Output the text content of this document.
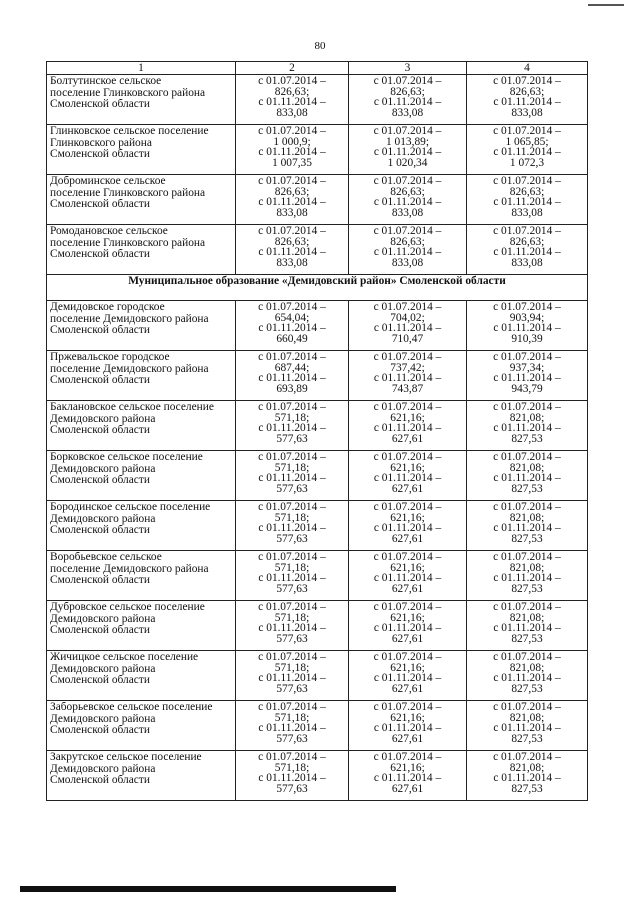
80
1	2	3	4

Болтутинское сельское
поселение Глинковского района
Смоленской области	с 01.07.2014 –
826,63;
с 01.11.2014 –
833,08	с 01.07.2014 –
826,63;
с 01.11.2014 –
833,08	с 01.07.2014 –
826,63;
с 01.11.2014 –
833,08

Глинковское сельское поселение
Глинковского района
Смоленской области	с 01.07.2014 –
1 000,9;
с 01.11.2014 –
1 007,35	с 01.07.2014 –
1 013,89;
с 01.11.2014 –
1 020,34	с 01.07.2014 –
1 065,85;
с 01.11.2014 –
1 072,3

Доброминское сельское
поселение Глинковского района
Смоленской области	с 01.07.2014 –
826,63;
с 01.11.2014 –
833,08	с 01.07.2014 –
826,63;
с 01.11.2014 –
833,08	с 01.07.2014 –
826,63;
с 01.11.2014 –
833,08

Ромодановское сельское
поселение Глинковского района
Смоленской области	с 01.07.2014 –
826,63;
с 01.11.2014 –
833,08	с 01.07.2014 –
826,63;
с 01.11.2014 –
833,08	с 01.07.2014 –
826,63;
с 01.11.2014 –
833,08

Муниципальное образование «Демидовский район» Смоленской области			

Демидовское городское
поселение Демидовского района
Смоленской области	с 01.07.2014 –
654,04;
с 01.11.2014 –
660,49	с 01.07.2014 –
704,02;
с 01.11.2014 –
710,47	с 01.07.2014 –
903,94;
с 01.11.2014 –
910,39

Пржевальское городское
поселение Демидовского района
Смоленской области	с 01.07.2014 –
687,44;
с 01.11.2014 –
693,89	с 01.07.2014 –
737,42;
с 01.11.2014 –
743,87	с 01.07.2014 –
937,34;
с 01.11.2014 –
943,79

Баклановское сельское поселение
Демидовского района
Смоленской области	с 01.07.2014 –
571,18;
с 01.11.2014 –
577,63	с 01.07.2014 –
621,16;
с 01.11.2014 –
627,61	с 01.07.2014 –
821,08;
с 01.11.2014 –
827,53

Борковское сельское поселение
Демидовского района
Смоленской области	с 01.07.2014 –
571,18;
с 01.11.2014 –
577,63	с 01.07.2014 –
621,16;
с 01.11.2014 –
627,61	с 01.07.2014 –
821,08;
с 01.11.2014 –
827,53

Бородинское сельское поселение
Демидовского района
Смоленской области	с 01.07.2014 –
571,18;
с 01.11.2014 –
577,63	с 01.07.2014 –
621,16;
с 01.11.2014 –
627,61	с 01.07.2014 –
821,08;
с 01.11.2014 –
827,53

Воробьевское сельское
поселение Демидовского района
Смоленской области	с 01.07.2014 –
571,18;
с 01.11.2014 –
577,63	с 01.07.2014 –
621,16;
с 01.11.2014 –
627,61	с 01.07.2014 –
821,08;
с 01.11.2014 –
827,53

Дубровское сельское поселение
Демидовского района
Смоленской области	с 01.07.2014 –
571,18;
с 01.11.2014 –
577,63	с 01.07.2014 –
621,16;
с 01.11.2014 –
627,61	с 01.07.2014 –
821,08;
с 01.11.2014 –
827,53

Жичицкое сельское поселение
Демидовского района
Смоленской области	с 01.07.2014 –
571,18;
с 01.11.2014 –
577,63	с 01.07.2014 –
621,16;
с 01.11.2014 –
627,61	с 01.07.2014 –
821,08;
с 01.11.2014 –
827,53

Заборьевское сельское поселение
Демидовского района
Смоленской области	с 01.07.2014 –
571,18;
с 01.11.2014 –
577,63	с 01.07.2014 –
621,16;
с 01.11.2014 –
627,61	с 01.07.2014 –
821,08;
с 01.11.2014 –
827,53

Закрутское сельское поселение
Демидовского района
Смоленской области	с 01.07.2014 –
571,18;
с 01.11.2014 –
577,63	с 01.07.2014 –
621,16;
с 01.11.2014 –
627,61	с 01.07.2014 –
821,08;
с 01.11.2014 –
827,53
